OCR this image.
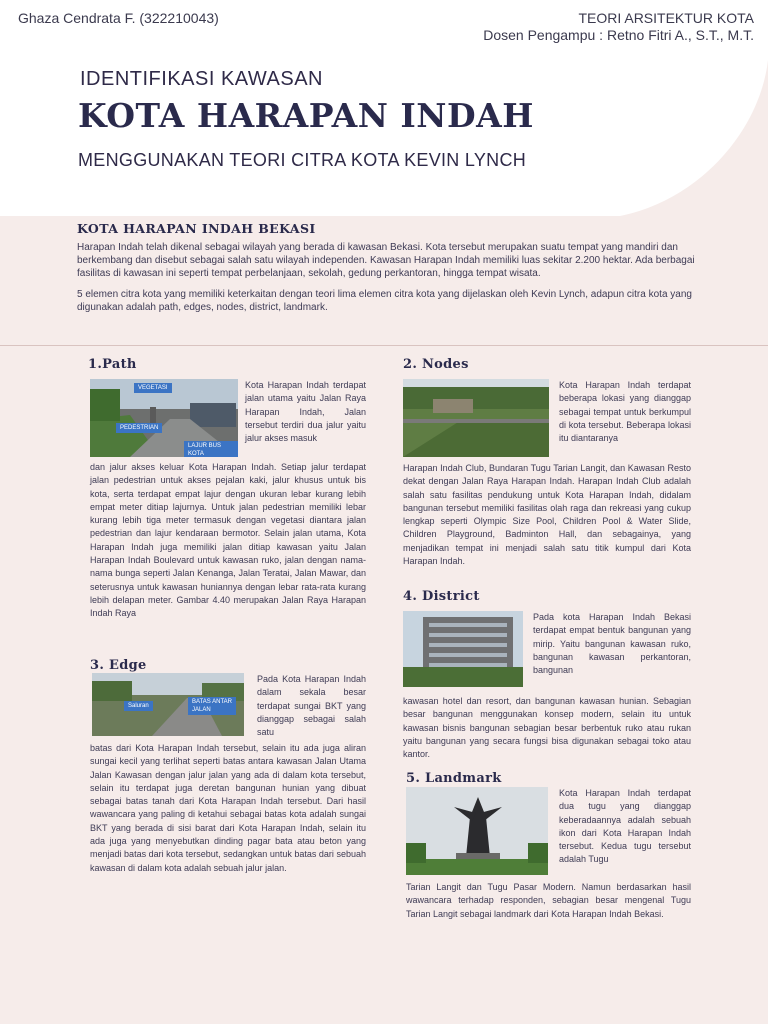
Ghaza Cendrata F. (322210043)	TEORI ARSITEKTUR KOTA
Dosen Pengampu : Retno Fitri A., S.T., M.T.
IDENTIFIKASI KAWASAN
KOTA HARAPAN INDAH
MENGGUNAKAN TEORI CITRA KOTA KEVIN LYNCH
KOTA HARAPAN INDAH BEKASI

Harapan Indah telah dikenal sebagai wilayah yang berada di kawasan Bekasi. Kota tersebut merupakan suatu tempat yang mandiri dan berkembang dan disebut sebagai salah satu wilayah independen. Kawasan Harapan Indah memiliki luas sekitar 2.200 hektar. Ada berbagai fasilitas di kawasan ini seperti tempat perbelanjaan, sekolah, gedung perkantoran, hingga tempat wisata.

5 elemen citra kota yang memiliki keterkaitan dengan teori lima elemen citra kota yang dijelaskan oleh Kevin Lynch, adapun citra kota yang digunakan adalah path, edges, nodes, district, landmark.

1.Path
VEGETASI
PEDESTRIAN
LAJUR BUS KOTA
Kota Harapan Indah terdapat jalan utama yaitu Jalan Raya Harapan Indah, Jalan tersebut terdiri dua jalur yaitu jalur akses masuk
dan jalur akses keluar Kota Harapan Indah. Setiap jalur terdapat jalan pedestrian untuk akses pejalan kaki, jalur khusus untuk bis kota, serta terdapat empat lajur dengan ukuran lebar kurang lebih empat meter ditiap lajurnya. Untuk jalan pedestrian memiliki lebar kurang lebih tiga meter termasuk dengan vegetasi diantara jalan pedestrian dan lajur kendaraan bermotor. Selain jalan utama, Kota Harapan Indah juga memiliki jalan ditiap kawasan yaitu Jalan Harapan Indah Boulevard untuk kawasan ruko, jalan dengan nama- nama bunga seperti Jalan Kenanga, Jalan Teratai, Jalan Mawar, dan seterusnya untuk kawasan huniannya dengan lebar rata-rata kurang lebih delapan meter. Gambar 4.40 merupakan Jalan Raya Harapan Indah Raya
3. Edge
Saluran
BATAS ANTAR JALAN
Pada Kota Harapan Indah dalam sekala besar terdapat sungai BKT yang dianggap sebagai salah satu
batas dari Kota Harapan Indah tersebut, selain itu ada juga aliran sungai kecil yang terlihat seperti batas antara kawasan Jalan Utama Jalan Kawasan dengan jalur jalan yang ada di dalam kota tersebut, selain itu terdapat juga deretan bangunan hunian yang dibuat sebagai batas tanah dari Kota Harapan Indah tersebut. Dari hasil wawancara yang paling di ketahui sebagai batas kota adalah sungai BKT yang berada di sisi barat dari Kota Harapan Indah, selain itu ada juga yang menyebutkan dinding pagar bata atau beton yang menjadi batas dari kota tersebut, sedangkan untuk batas dari sebuah kawasan di dalam kota adalah sebuah jalur jalan.
2. Nodes
Kota Harapan Indah terdapat beberapa lokasi yang dianggap sebagai tempat untuk berkumpul di kota tersebut. Beberapa lokasi itu diantaranya
Harapan Indah Club, Bundaran Tugu Tarian Langit, dan Kawasan Resto dekat dengan Jalan Raya Harapan Indah. Harapan Indah Club adalah salah satu fasilitas pendukung untuk Kota Harapan Indah, didalam bangunan tersebut memiliki fasilitas olah raga dan rekreasi yang cukup lengkap seperti Olympic Size Pool, Children Pool & Water Slide, Children Playground, Badminton Hall, dan sebagainya, yang menjadikan tempat ini menjadi salah satu titik kumpul dari Kota Harapan Indah.
4. District
Pada kota Harapan Indah Bekasi terdapat empat bentuk bangunan yang mirip. Yaitu bangunan kawasan ruko, bangunan kawasan perkantoran, bangunan
kawasan hotel dan resort, dan bangunan kawasan hunian. Sebagian besar bangunan menggunakan konsep modern, selain itu untuk kawasan bisnis bangunan sebagian besar berbentuk ruko atau rukan yaitu bangunan yang secara fungsi bisa digunakan sebagai toko atau kantor.
5. Landmark
Kota Harapan Indah terdapat dua tugu yang dianggap keberadaannya adalah sebuah ikon dari Kota Harapan Indah tersebut. Kedua tugu tersebut adalah Tugu
Tarian Langit dan Tugu Pasar Modern. Namun berdasarkan hasil wawancara terhadap responden, sebagian besar mengenal Tugu Tarian Langit sebagai landmark dari Kota Harapan Indah Bekasi.
